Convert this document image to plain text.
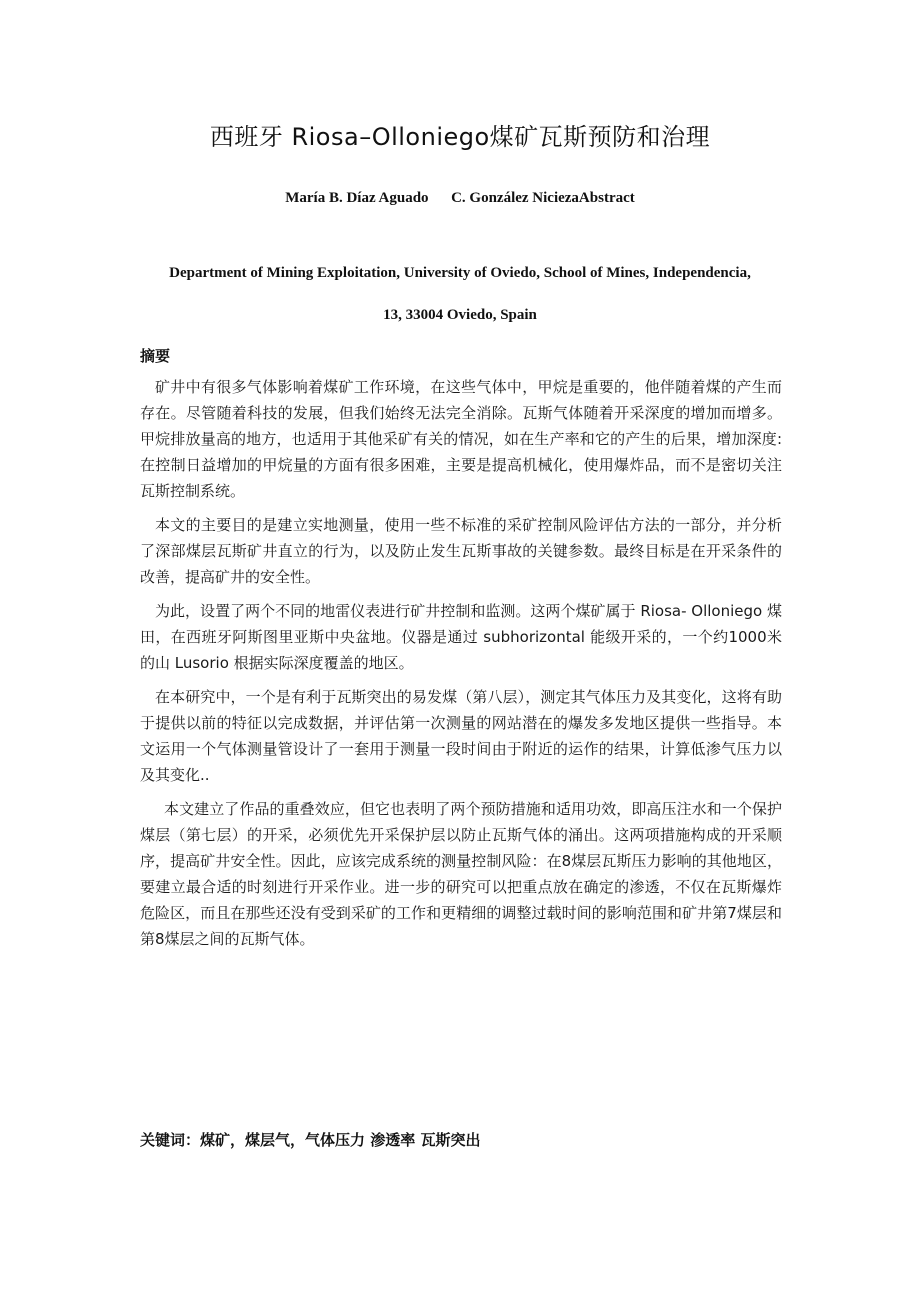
西班牙 Riosa–Olloniego煤矿瓦斯预防和治理
María B. Díaz Aguado C. González NiciezaAbstract
Department of Mining Exploitation, University of Oviedo, School of Mines, Independencia,
13, 33004 Oviedo, Spain
摘要

矿井中有很多气体影响着煤矿工作环境，在这些气体中，甲烷是重要的，他伴随着煤的产生而存在。尽管随着科技的发展，但我们始终无法完全消除。瓦斯气体随着开采深度的增加而增多。甲烷排放量高的地方，也适用于其他采矿有关的情况，如在生产率和它的产生的后果，增加深度: 在控制日益增加的甲烷量的方面有很多困难，主要是提高机械化，使用爆炸品，而不是密切关注瓦斯控制系统。

本文的主要目的是建立实地测量，使用一些不标准的采矿控制风险评估方法的一部分，并分析了深部煤层瓦斯矿井直立的行为，以及防止发生瓦斯事故的关键参数。最终目标是在开采条件的改善，提高矿井的安全性。

为此，设置了两个不同的地雷仪表进行矿井控制和监测。这两个煤矿属于 Riosa- Olloniego 煤田，在西班牙阿斯图里亚斯中央盆地。仪器是通过 subhorizontal 能级开采的，一个约1000米的山 Lusorio 根据实际深度覆盖的地区。

在本研究中，一个是有利于瓦斯突出的易发煤（第八层），测定其气体压力及其变化，这将有助于提供以前的特征以完成数据，并评估第一次测量的网站潜在的爆发多发地区提供一些指导。本文运用一个气体测量管设计了一套用于测量一段时间由于附近的运作的结果，计算低渗气压力以及其变化..

本文建立了作品的重叠效应，但它也表明了两个预防措施和适用功效，即高压注水和一个保护煤层（第七层）的开采，必须优先开采保护层以防止瓦斯气体的涌出。这两项措施构成的开采顺序，提高矿井安全性。因此，应该完成系统的测量控制风险：在8煤层瓦斯压力影响的其他地区，要建立最合适的时刻进行开采作业。进一步的研究可以把重点放在确定的渗透，不仅在瓦斯爆炸危险区，而且在那些还没有受到采矿的工作和更精细的调整过载时间的影响范围和矿井第7煤层和第8煤层之间的瓦斯气体。

关键词：煤矿，煤层气，气体压力 渗透率 瓦斯突出
